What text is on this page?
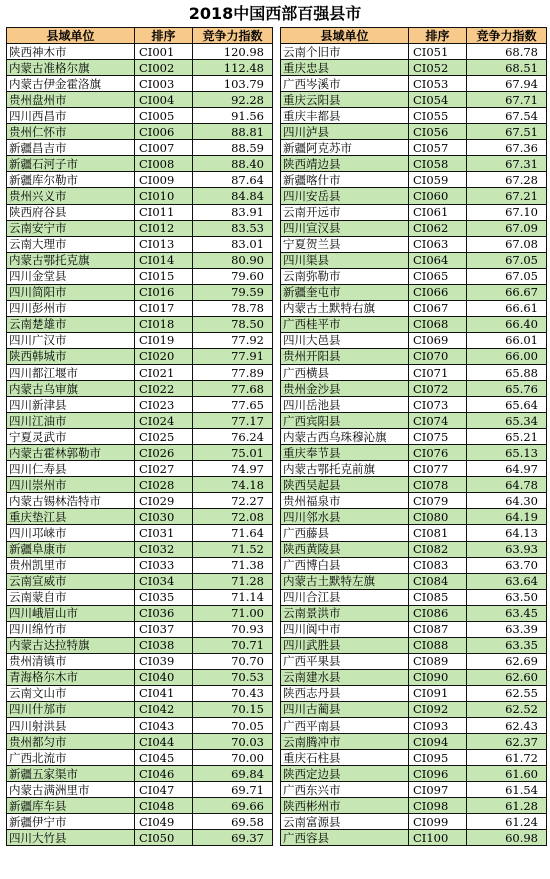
2018中国西部百强县市
县域单位	排序	竞争力指数
陕西神木市	CI001	120.98
内蒙古准格尔旗	CI002	112.48
内蒙古伊金霍洛旗	CI003	103.79
贵州盘州市	CI004	92.28
四川西昌市	CI005	91.56
贵州仁怀市	CI006	88.81
新疆昌吉市	CI007	88.59
新疆石河子市	CI008	88.40
新疆库尔勒市	CI009	87.64
贵州兴义市	CI010	84.84
陕西府谷县	CI011	83.91
云南安宁市	CI012	83.53
云南大理市	CI013	83.01
内蒙古鄂托克旗	CI014	80.90
四川金堂县	CI015	79.60
四川简阳市	CI016	79.59
四川彭州市	CI017	78.78
云南楚雄市	CI018	78.50
四川广汉市	CI019	77.92
陕西韩城市	CI020	77.91
四川都江堰市	CI021	77.89
内蒙古乌审旗	CI022	77.68
四川新津县	CI023	77.65
四川江油市	CI024	77.17
宁夏灵武市	CI025	76.24
内蒙古霍林郭勒市	CI026	75.01
四川仁寿县	CI027	74.97
四川崇州市	CI028	74.18
内蒙古锡林浩特市	CI029	72.27
重庆垫江县	CI030	72.08
四川邛崃市	CI031	71.64
新疆阜康市	CI032	71.52
贵州凯里市	CI033	71.38
云南宣威市	CI034	71.28
云南蒙自市	CI035	71.14
四川峨眉山市	CI036	71.00
四川绵竹市	CI037	70.93
内蒙古达拉特旗	CI038	70.71
贵州清镇市	CI039	70.70
青海格尔木市	CI040	70.53
云南文山市	CI041	70.43
四川什邡市	CI042	70.15
四川射洪县	CI043	70.05
贵州都匀市	CI044	70.03
广西北流市	CI045	70.00
新疆五家渠市	CI046	69.84
内蒙古满洲里市	CI047	69.71
新疆库车县	CI048	69.66
新疆伊宁市	CI049	69.58
四川大竹县	CI050	69.37
县域单位	排序	竞争力指数
云南个旧市	CI051	68.78
重庆忠县	CI052	68.51
广西岑溪市	CI053	67.94
重庆云阳县	CI054	67.71
重庆丰都县	CI055	67.54
四川泸县	CI056	67.51
新疆阿克苏市	CI057	67.36
陕西靖边县	CI058	67.31
新疆喀什市	CI059	67.28
四川安岳县	CI060	67.21
云南开远市	CI061	67.10
四川宣汉县	CI062	67.09
宁夏贺兰县	CI063	67.08
四川渠县	CI064	67.05
云南弥勒市	CI065	67.05
新疆奎屯市	CI066	66.67
内蒙古土默特右旗	CI067	66.61
广西桂平市	CI068	66.40
四川大邑县	CI069	66.01
贵州开阳县	CI070	66.00
广西横县	CI071	65.88
贵州金沙县	CI072	65.76
四川岳池县	CI073	65.64
广西宾阳县	CI074	65.34
内蒙古西乌珠穆沁旗	CI075	65.21
重庆奉节县	CI076	65.13
内蒙古鄂托克前旗	CI077	64.97
陕西吴起县	CI078	64.78
贵州福泉市	CI079	64.30
四川邻水县	CI080	64.19
广西藤县	CI081	64.13
陕西黄陵县	CI082	63.93
广西博白县	CI083	63.70
内蒙古土默特左旗	CI084	63.64
四川合江县	CI085	63.50
云南景洪市	CI086	63.45
四川阆中市	CI087	63.39
四川武胜县	CI088	63.35
广西平果县	CI089	62.69
云南建水县	CI090	62.60
陕西志丹县	CI091	62.55
四川古蔺县	CI092	62.52
广西平南县	CI093	62.43
云南腾冲市	CI094	62.37
重庆石柱县	CI095	61.72
陕西定边县	CI096	61.60
广西东兴市	CI097	61.54
陕西彬州市	CI098	61.28
云南富源县	CI099	61.24
广西容县	CI100	60.98
